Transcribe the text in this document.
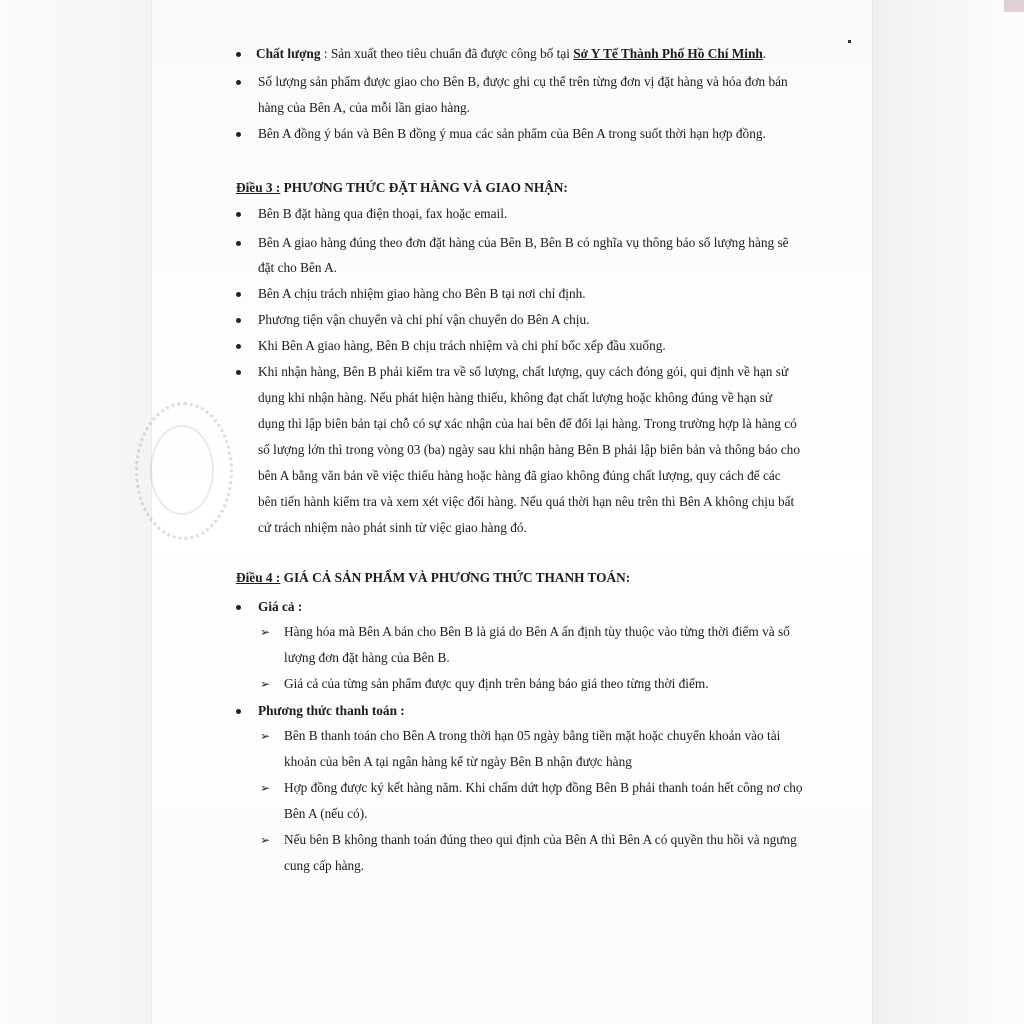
Chất lượng : Sản xuất theo tiêu chuẩn đã được công bố tại Sở Y Tế Thành Phố Hồ Chí Minh.
Số lượng sản phẩm được giao cho Bên B, được ghi cụ thể trên từng đơn vị đặt hàng và hóa đơn bán
hàng của Bên A, của mỗi lần giao hàng.
Bên A đồng ý bán và Bên B đồng ý mua các sản phẩm của Bên A trong suốt thời hạn hợp đồng.
Điều 3 : PHƯƠNG THỨC ĐẶT HÀNG VÀ GIAO NHẬN:
Bên B đặt hàng qua điện thoại, fax hoặc email.
Bên A giao hàng đúng theo đơn đặt hàng của Bên B, Bên B có nghĩa vụ thông báo số lượng hàng sẽ
đặt cho Bên A.
Bên A chịu trách nhiệm giao hàng cho Bên B tại nơi chỉ định.
Phương tiện vận chuyển và chi phí vận chuyển do Bên A chịu.
Khi Bên A giao hàng, Bên B chịu trách nhiệm và chi phí bốc xếp đầu xuống.
Khi nhận hàng, Bên B phải kiểm tra về số lượng, chất lượng, quy cách đóng gói, qui định về hạn sử
dụng khi nhận hàng. Nếu phát hiện hàng thiếu, không đạt chất lượng hoặc không đúng về hạn sử
dụng thì lập biên bản tại chỗ có sự xác nhận của hai bên để đổi lại hàng. Trong trường hợp là hàng có
số lượng lớn thì trong vòng 03 (ba) ngày sau khi nhận hàng Bên B phải lập biên bản và thông báo cho
bên A bằng văn bản về việc thiếu hàng hoặc hàng đã giao không đúng chất lượng, quy cách để các
bên tiến hành kiểm tra và xem xét việc đổi hàng. Nếu quá thời hạn nêu trên thì Bên A không chịu bất
cứ trách nhiệm nào phát sinh từ việc giao hàng đó.
Điều 4 : GIÁ CẢ SẢN PHẨM VÀ PHƯƠNG THỨC THANH TOÁN:
Giá cả :
➢ Hàng hóa mà Bên A bán cho Bên B là giá do Bên A ấn định tùy thuộc vào từng thời điểm và số
lượng đơn đặt hàng của Bên B.
➢ Giá cả của từng sản phẩm được quy định trên bảng báo giá theo từng thời điểm.
Phương thức thanh toán :
➢ Bên B thanh toán cho Bên A trong thời hạn 05 ngày bằng tiền mặt hoặc chuyển khoản vào tài
khoản của bên A tại ngân hàng kể từ ngày Bên B nhận được hàng
➢ Hợp đồng được ký kết hàng năm. Khi chấm dứt hợp đồng Bên B phải thanh toán hết công nơ chọ
Bên A (nếu có).
➢ Nếu bên B không thanh toán đúng theo qui định của Bên A thì Bên A có quyền thu hồi và ngưng
cung cấp hàng.
